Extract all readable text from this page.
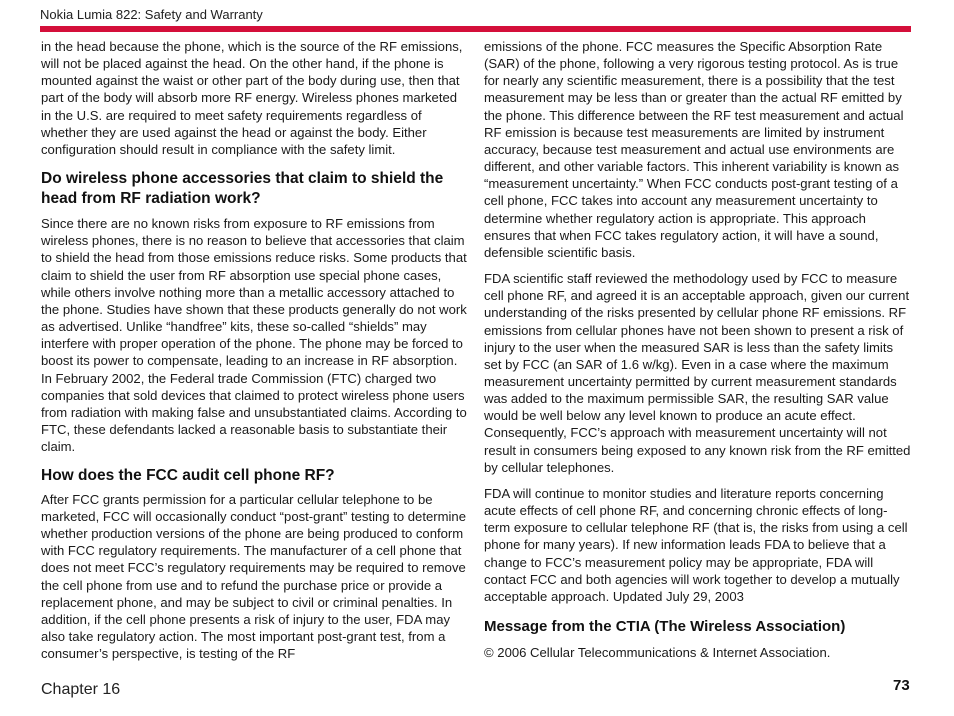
Nokia Lumia 822: Safety and Warranty

in the head because the phone, which is the source of the RF emissions, will not be placed against the head. On the other hand, if the phone is mounted against the waist or other part of the body during use, then that part of the body will absorb more RF energy. Wireless phones marketed in the U.S. are required to meet safety requirements regardless of whether they are used against the head or against the body. Either configuration should result in compliance with the safety limit.

Do wireless phone accessories that claim to shield the head from RF radiation work?

Since there are no known risks from exposure to RF emissions from wireless phones, there is no reason to believe that accessories that claim to shield the head from those emissions reduce risks. Some products that claim to shield the user from RF absorption use special phone cases, while others involve nothing more than a metallic accessory attached to the phone. Studies have shown that these products generally do not work as advertised. Unlike “handfree” kits, these so-called “shields” may interfere with proper operation of the phone. The phone may be forced to boost its power to compensate, leading to an increase in RF absorption. In February 2002, the Federal trade Commission (FTC) charged two companies that sold devices that claimed to protect wireless phone users from radiation with making false and unsubstantiated claims. According to FTC, these defendants lacked a reasonable basis to substantiate their claim.

How does the FCC audit cell phone RF?

After FCC grants permission for a particular cellular telephone to be marketed, FCC will occasionally conduct “post-grant” testing to determine whether production versions of the phone are being produced to conform with FCC regulatory requirements. The manufacturer of a cell phone that does not meet FCC’s regulatory requirements may be required to remove the cell phone from use and to refund the purchase price or provide a replacement phone, and may be subject to civil or criminal penalties. In addition, if the cell phone presents a risk of injury to the user, FDA may also take regulatory action. The most important post-grant test, from a consumer’s perspective, is testing of the RF

emissions of the phone. FCC measures the Specific Absorption Rate (SAR) of the phone, following a very rigorous testing protocol. As is true for nearly any scientific measurement, there is a possibility that the test measurement may be less than or greater than the actual RF emitted by the phone. This difference between the RF test measurement and actual RF emission is because test measurements are limited by instrument accuracy, because test measurement and actual use environments are different, and other variable factors. This inherent variability is known as “measurement uncertainty.” When FCC conducts post-grant testing of a cell phone, FCC takes into account any measurement uncertainty to determine whether regulatory action is appropriate. This approach ensures that when FCC takes regulatory action, it will have a sound, defensible scientific basis.

FDA scientific staff reviewed the methodology used by FCC to measure cell phone RF, and agreed it is an acceptable approach, given our current understanding of the risks presented by cellular phone RF emissions. RF emissions from cellular phones have not been shown to present a risk of injury to the user when the measured SAR is less than the safety limits set by FCC (an SAR of 1.6 w/kg). Even in a case where the maximum measurement uncertainty permitted by current measurement standards was added to the maximum permissible SAR, the resulting SAR value would be well below any level known to produce an acute effect. Consequently, FCC’s approach with measurement uncertainty will not result in consumers being exposed to any known risk from the RF emitted by cellular telephones.

FDA will continue to monitor studies and literature reports concerning acute effects of cell phone RF, and concerning chronic effects of long-term exposure to cellular telephone RF (that is, the risks from using a cell phone for many years). If new information leads FDA to believe that a change to FCC’s measurement policy may be appropriate, FDA will contact FCC and both agencies will work together to develop a mutually acceptable approach. Updated July 29, 2003

Message from the CTIA (The Wireless Association)

© 2006 Cellular Telecommunications & Internet Association.

Chapter 16	73
